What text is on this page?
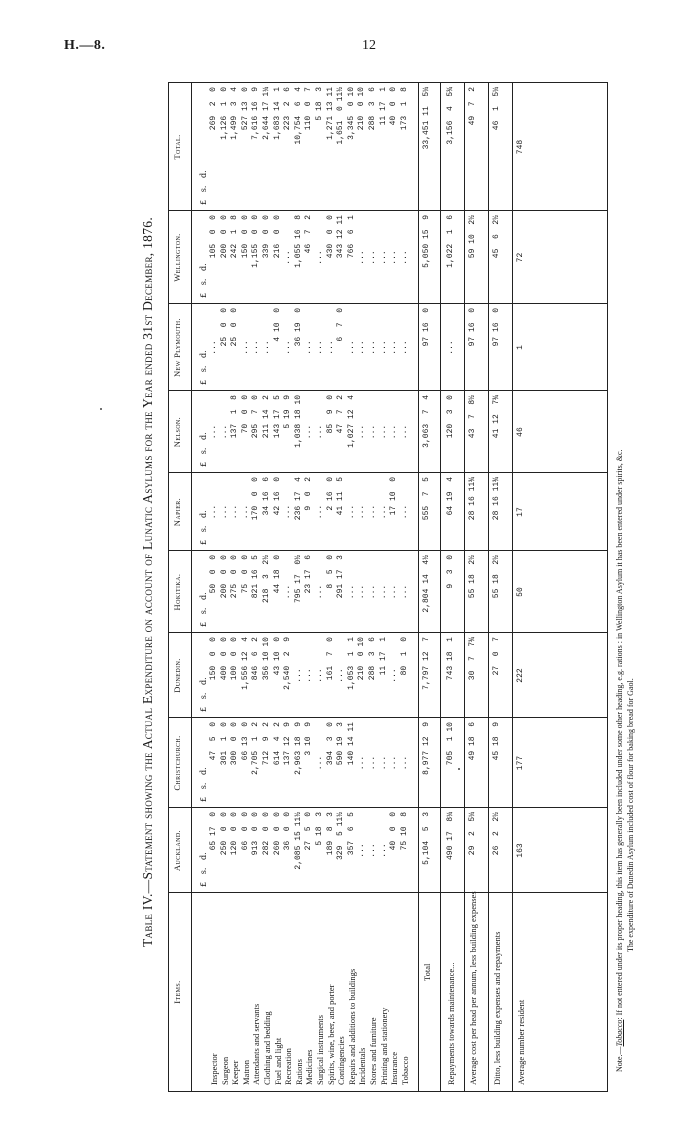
H.—8.	12
Table IV.—Statement showing the Actual Expenditure on account of Lunatic Asylums for the Year ended 31st December, 1876.
Items.
Inspector Surgeon Keeper Matron Attendants and servants Clothing and bedding Fuel and light Recreation Rations Medicines Surgical instruments Spirits, wine, beer, and porter Contingencies Repairs and additions to buildings Incidentals Stores and furniture Printing and stationery Insurance Tobacco
Total Repayments towards maintenance... Average cost per head per annum, less building expenses Ditto, less building expenses and repayments Average number resident
Auckland. £   s.   d.
65 17  0 250  0  0 120  0  0 66  0  0 913  0  0 282  0  0 260  0  0 36  0  0 2,085 15 11½ 27  5  0 5 18  3 189  8  3 329  5 11½ 357  6  5 ... ... ...
40  0  0 75 10  8 5,104  5  3 490 17  8¼ 29  2  5¼ 26  2  2½ 163
Christchurch. £   s.   d.
47  5  0 301  1  0 300  0  0 66 13  0 2,705  1  2 712  9  2 614  4  2 137 12  9 2,963 18  9 3 10  9
... 394  3  0 590 19  3 140 14 11 ... ... ... ... ... 8,977 12  9 705  1 10 49 18  6 45 18  9
177
Dunedin.
£   s.   d.
150  0  0 400  0  0 100  0  0 1,556 12  4 846  6  2 356 10 10 43 10  0 2,540  2  9 ... ... ... 161  7  0 ... 1,053  1  1 210  0 10 288  3  6 11 17  1
...
80  1  0 7,797 12  7 743 18  1 30  7  7¾ 27  0  7
222
Hokitika. £   s.   d.
50  0  0 200  0  0 275  0  0 75  0  0 821 16  5 218  3  2½ 44 18  0 ... 795 17  0½ 23 17  6 ...
8  5  0 291 17  3 ... ... ... ... ... ... 2,804 14  4½ 9  3  0 55 18  2½ 55 18  2½ 50
Napier. £   s.   d. ... ... ... ... 170  0  0 34 16  6 42 16  0 ... 236 17  4 9  0  2
...
2 16  0 41 11  5 ... ... ... ... 17 10  0 ... 555  7  5 64 19  4 28 16 11¾ 28 16 11¾ 17
Nelson.
£   s.   d.
... ... 137  1  8 70  0  0 295  7  0 211 14  2 143 17  5 5 19  9 1,038 18 10 ... ... 85  9  0 47  7  2 1,027 12  4 ... ... ... ... ... 3,063  7  4 120  3  0 43  7  8½ 41 12  7¾ 46
New Plymouth. £   s.   d.
...
25  0  0 25  0  0
... ... ...
4 10  0
...
36 19  0
... ... ...
6  7  0
... ... ... ... ... ...
97 16  0
...
97 16  0 97 16  0
1
Wellington. £   s.   d.
105  0  0 200  0  0 242  1  8 150  0  0 1,155  0  0 339  0  0 216  0  0 ... 1,055 16  8 46  7  2
... 430  0  0 343 12 11 766  6  1 ... ... ... ... ... 5,050 15  9 1,022  1  6 59 10  2½ 45  6  2½ 72
Total.
£   s.   d.
269  2  0 1,126  1  0 1,499  3  4 527 13  0 7,616 16  9 2,644 17 1¼ 1,683 14  1 223  2  6 10,754  6  4 110  0  7 5 18  3 1,271 13 11 1,651  0 11½ 3,345  0 10 210  0 10 288  3  6 11 17  1 40  0  0 173  1  8 33,451 11  5¼ 3,156  4  5¾ 49  7  2 46  1  5¼
748
Note.—Tobacco: If not entered under its proper heading, this item has generally been included under some other heading, e.g. rations : in Wellington Asylum it has been entered under spirits, &c. The expenditure of Dunedin Asylum included cost of flour for baking bread for Gaol.
